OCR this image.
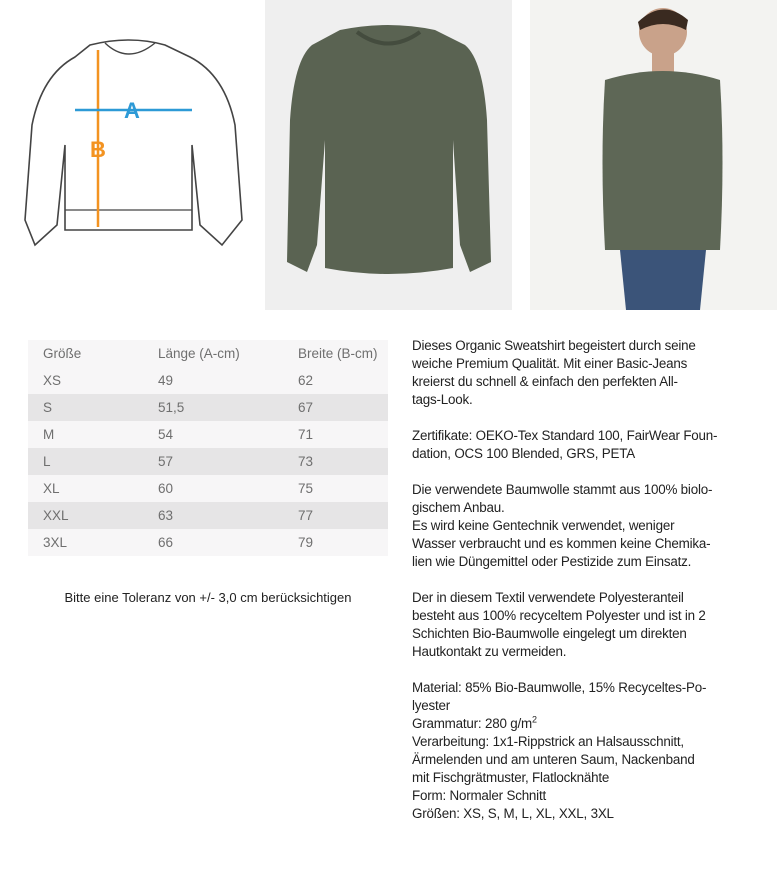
A
B
Größe	Länge (A-cm)	Breite (B-cm)
XS	49	62
S	51,5	67
M	54	71
L	57	73
XL	60	75
XXL	63	77
3XL	66	79
Bitte eine Toleranz von +/- 3,0 cm berücksichtigen
Dieses Organic Sweatshirt begeistert durch seine
weiche Premium Qualität. Mit einer Basic-Jeans
kreierst du schnell & einfach den perfekten All-
tags-Look.
Zertifikate: OEKO-Tex Standard 100, FairWear Foun-
dation, OCS 100 Blended, GRS, PETA
Die verwendete Baumwolle stammt aus 100% biolo-
gischem Anbau.
Es wird keine Gentechnik verwendet, weniger
Wasser verbraucht und es kommen keine Chemika-
lien wie Düngemittel oder Pestizide zum Einsatz.
Der in diesem Textil verwendete Polyesteranteil
besteht aus 100% recyceltem Polyester und ist in 2
Schichten Bio-Baumwolle eingelegt um direkten
Hautkontakt zu vermeiden.
Material: 85% Bio-Baumwolle, 15% Recyceltes-Po-
lyester
Grammatur: 280 $g/m^2$
Verarbeitung: 1x1-Rippstrick an Halsausschnitt,
Ärmelenden und am unteren Saum, Nackenband
mit Fischgrätmuster, Flatlocknähte
Form: Normaler Schnitt
Größen: XS, S, M, L, XL, XXL, 3XL
